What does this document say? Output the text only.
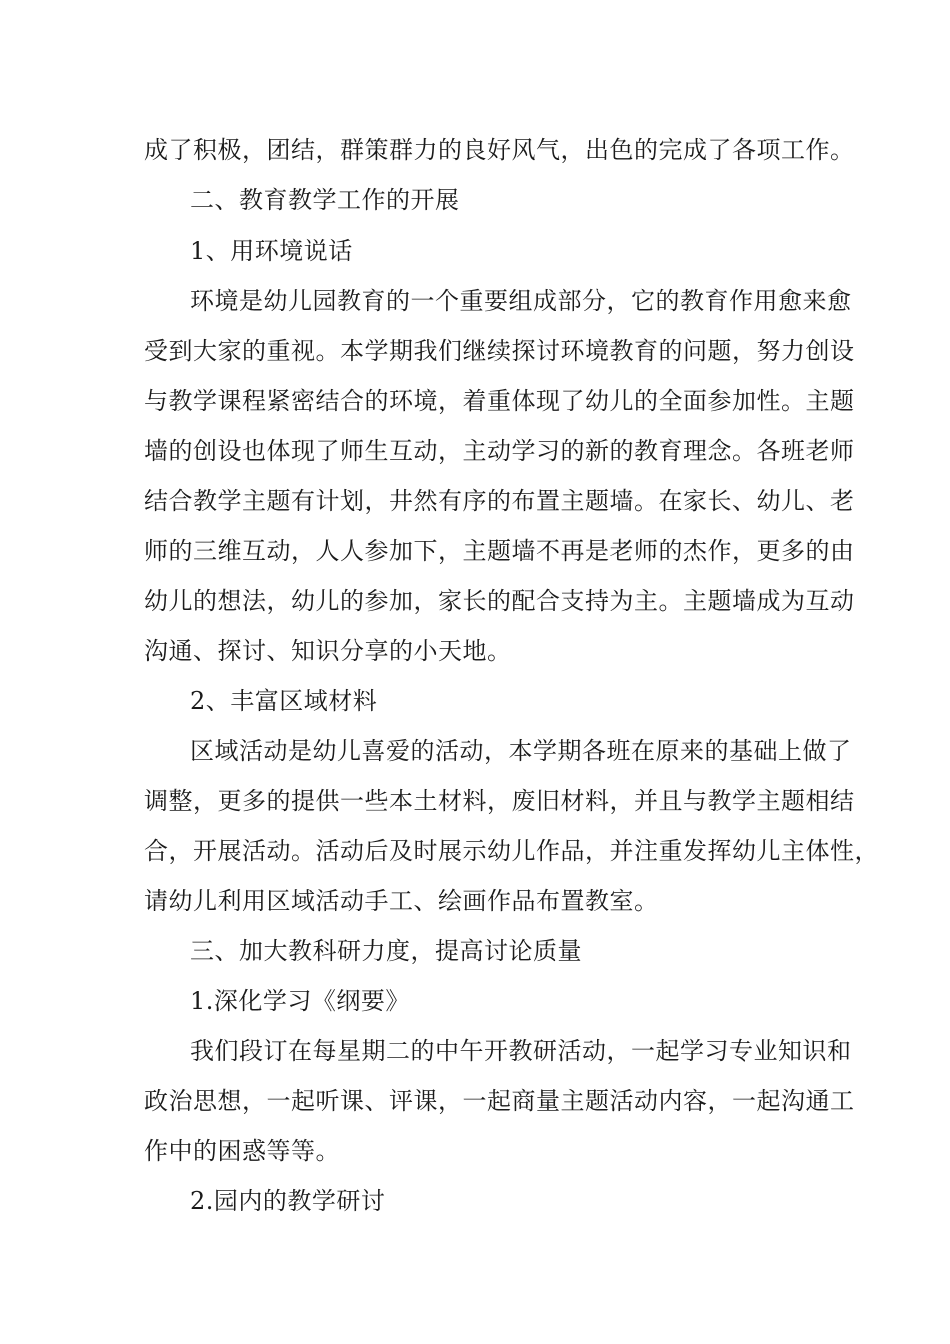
成了积极，团结，群策群力的良好风气，出色的完成了各项工作。
二、教育教学工作的开展
1、用环境说话
环境是幼儿园教育的一个重要组成部分，它的教育作用愈来愈
受到大家的重视。本学期我们继续探讨环境教育的问题，努力创设
与教学课程紧密结合的环境，着重体现了幼儿的全面参加性。主题
墙的创设也体现了师生互动，主动学习的新的教育理念。各班老师
结合教学主题有计划，井然有序的布置主题墙。在家长、幼儿、老
师的三维互动，人人参加下，主题墙不再是老师的杰作，更多的由
幼儿的想法，幼儿的参加，家长的配合支持为主。主题墙成为互动
沟通、探讨、知识分享的小天地。
2、丰富区域材料
区域活动是幼儿喜爱的活动，本学期各班在原来的基础上做了
调整，更多的提供一些本土材料，废旧材料，并且与教学主题相结
合，开展活动。活动后及时展示幼儿作品，并注重发挥幼儿主体性，
请幼儿利用区域活动手工、绘画作品布置教室。
三、加大教科研力度，提高讨论质量
1.深化学习《纲要》
我们段订在每星期二的中午开教研活动，一起学习专业知识和
政治思想，一起听课、评课，一起商量主题活动内容，一起沟通工
作中的困惑等等。
2.园内的教学研讨
